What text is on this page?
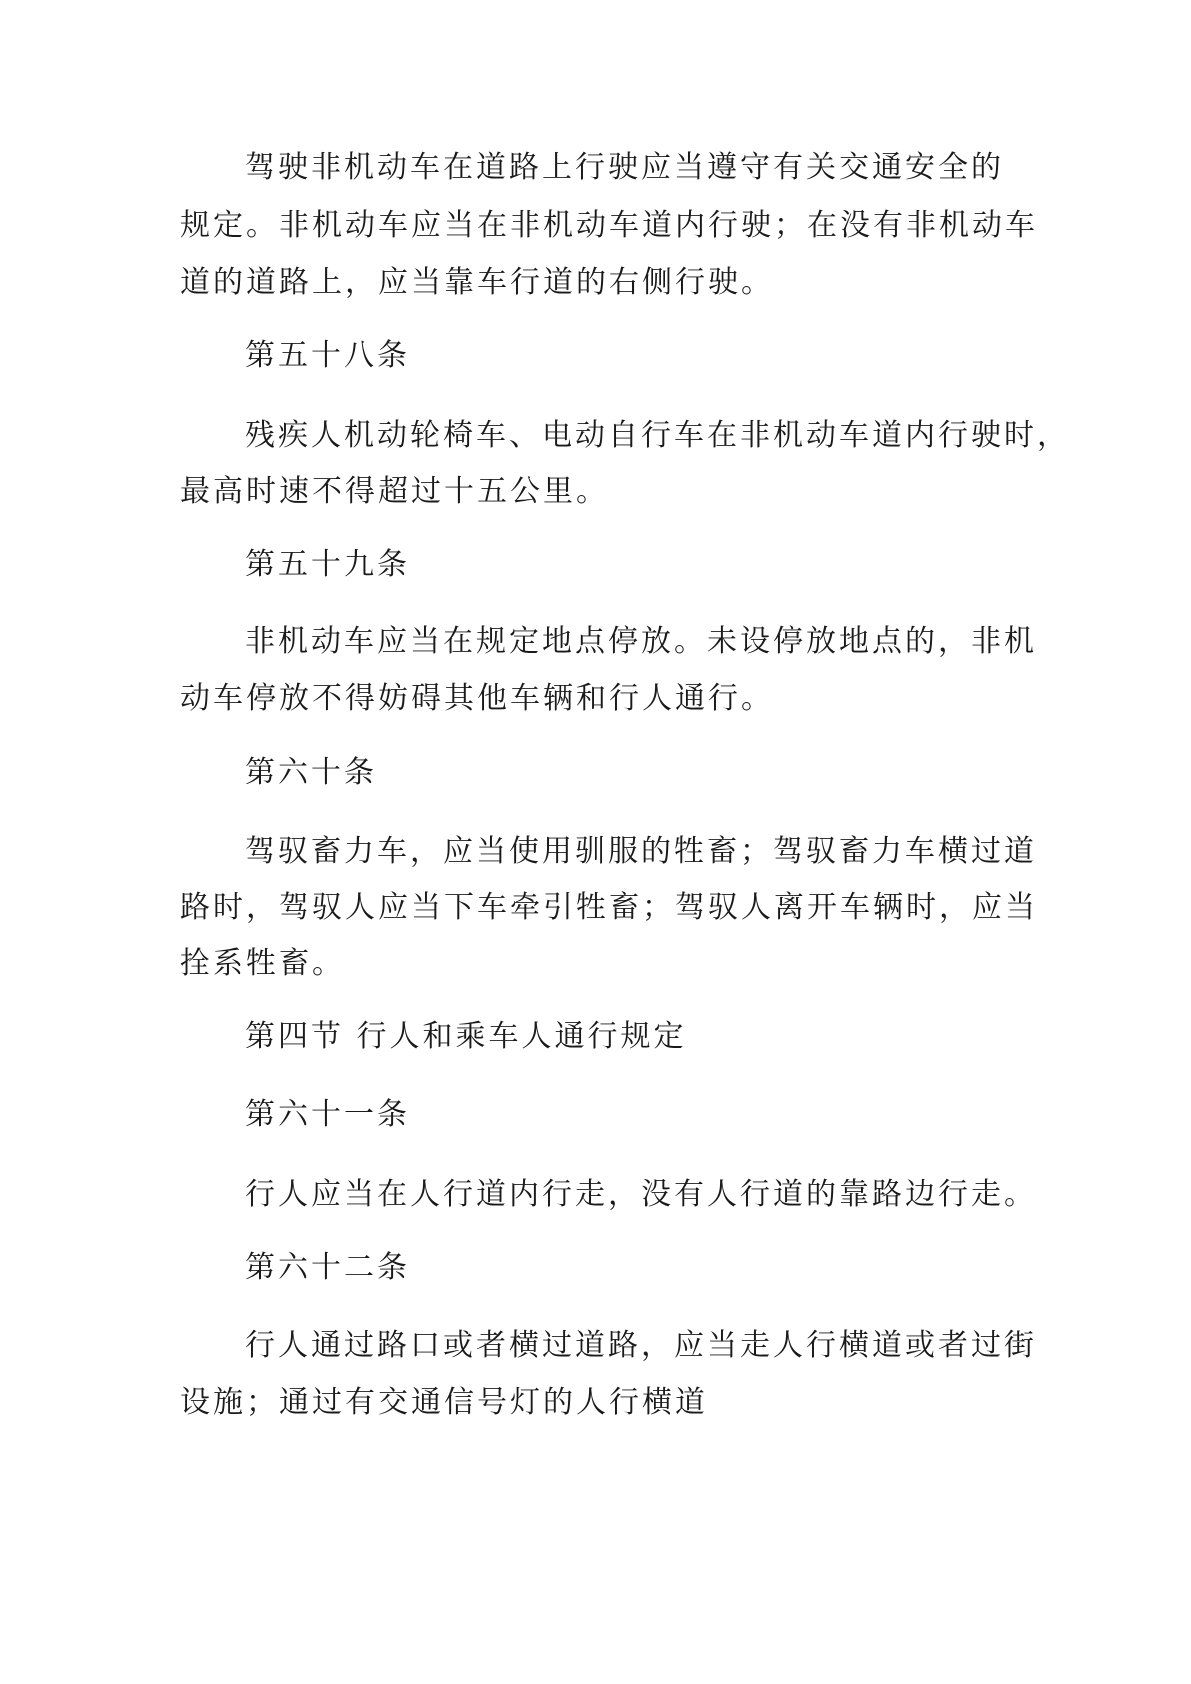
驾驶非机动车在道路上行驶应当遵守有关交通安全的
规定。非机动车应当在非机动车道内行驶；在没有非机动车
道的道路上，应当靠车行道的右侧行驶。
第五十八条
残疾人机动轮椅车、电动自行车在非机动车道内行驶时，
最高时速不得超过十五公里。
第五十九条
非机动车应当在规定地点停放。未设停放地点的，非机
动车停放不得妨碍其他车辆和行人通行。
第六十条
驾驭畜力车，应当使用驯服的牲畜；驾驭畜力车横过道
路时，驾驭人应当下车牵引牲畜；驾驭人离开车辆时，应当
拴系牲畜。
第四节 行人和乘车人通行规定
第六十一条
行人应当在人行道内行走，没有人行道的靠路边行走。
第六十二条
行人通过路口或者横过道路，应当走人行横道或者过街
设施；通过有交通信号灯的人行横道
